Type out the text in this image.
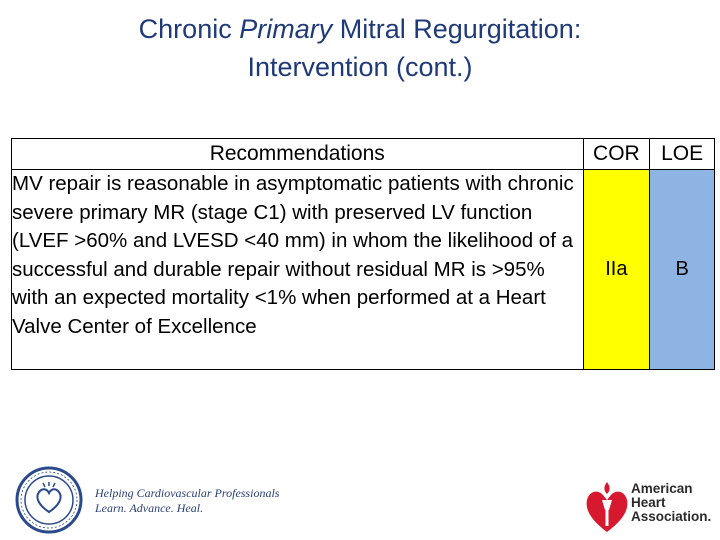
Chronic Primary Mitral Regurgitation:
Intervention (cont.)
Recommendations	COR	LOE
MV repair is reasonable in asymptomatic patients with chronic severe primary MR (stage C1) with preserved LV function (LVEF >60% and LVESD <40 mm) in whom the likelihood of a successful and durable repair without residual MR is >95% with an expected mortality <1% when performed at a Heart Valve Center of Excellence	IIa	B
Helping Cardiovascular Professionals
Learn. Advance. Heal.
American
Heart
Association.
